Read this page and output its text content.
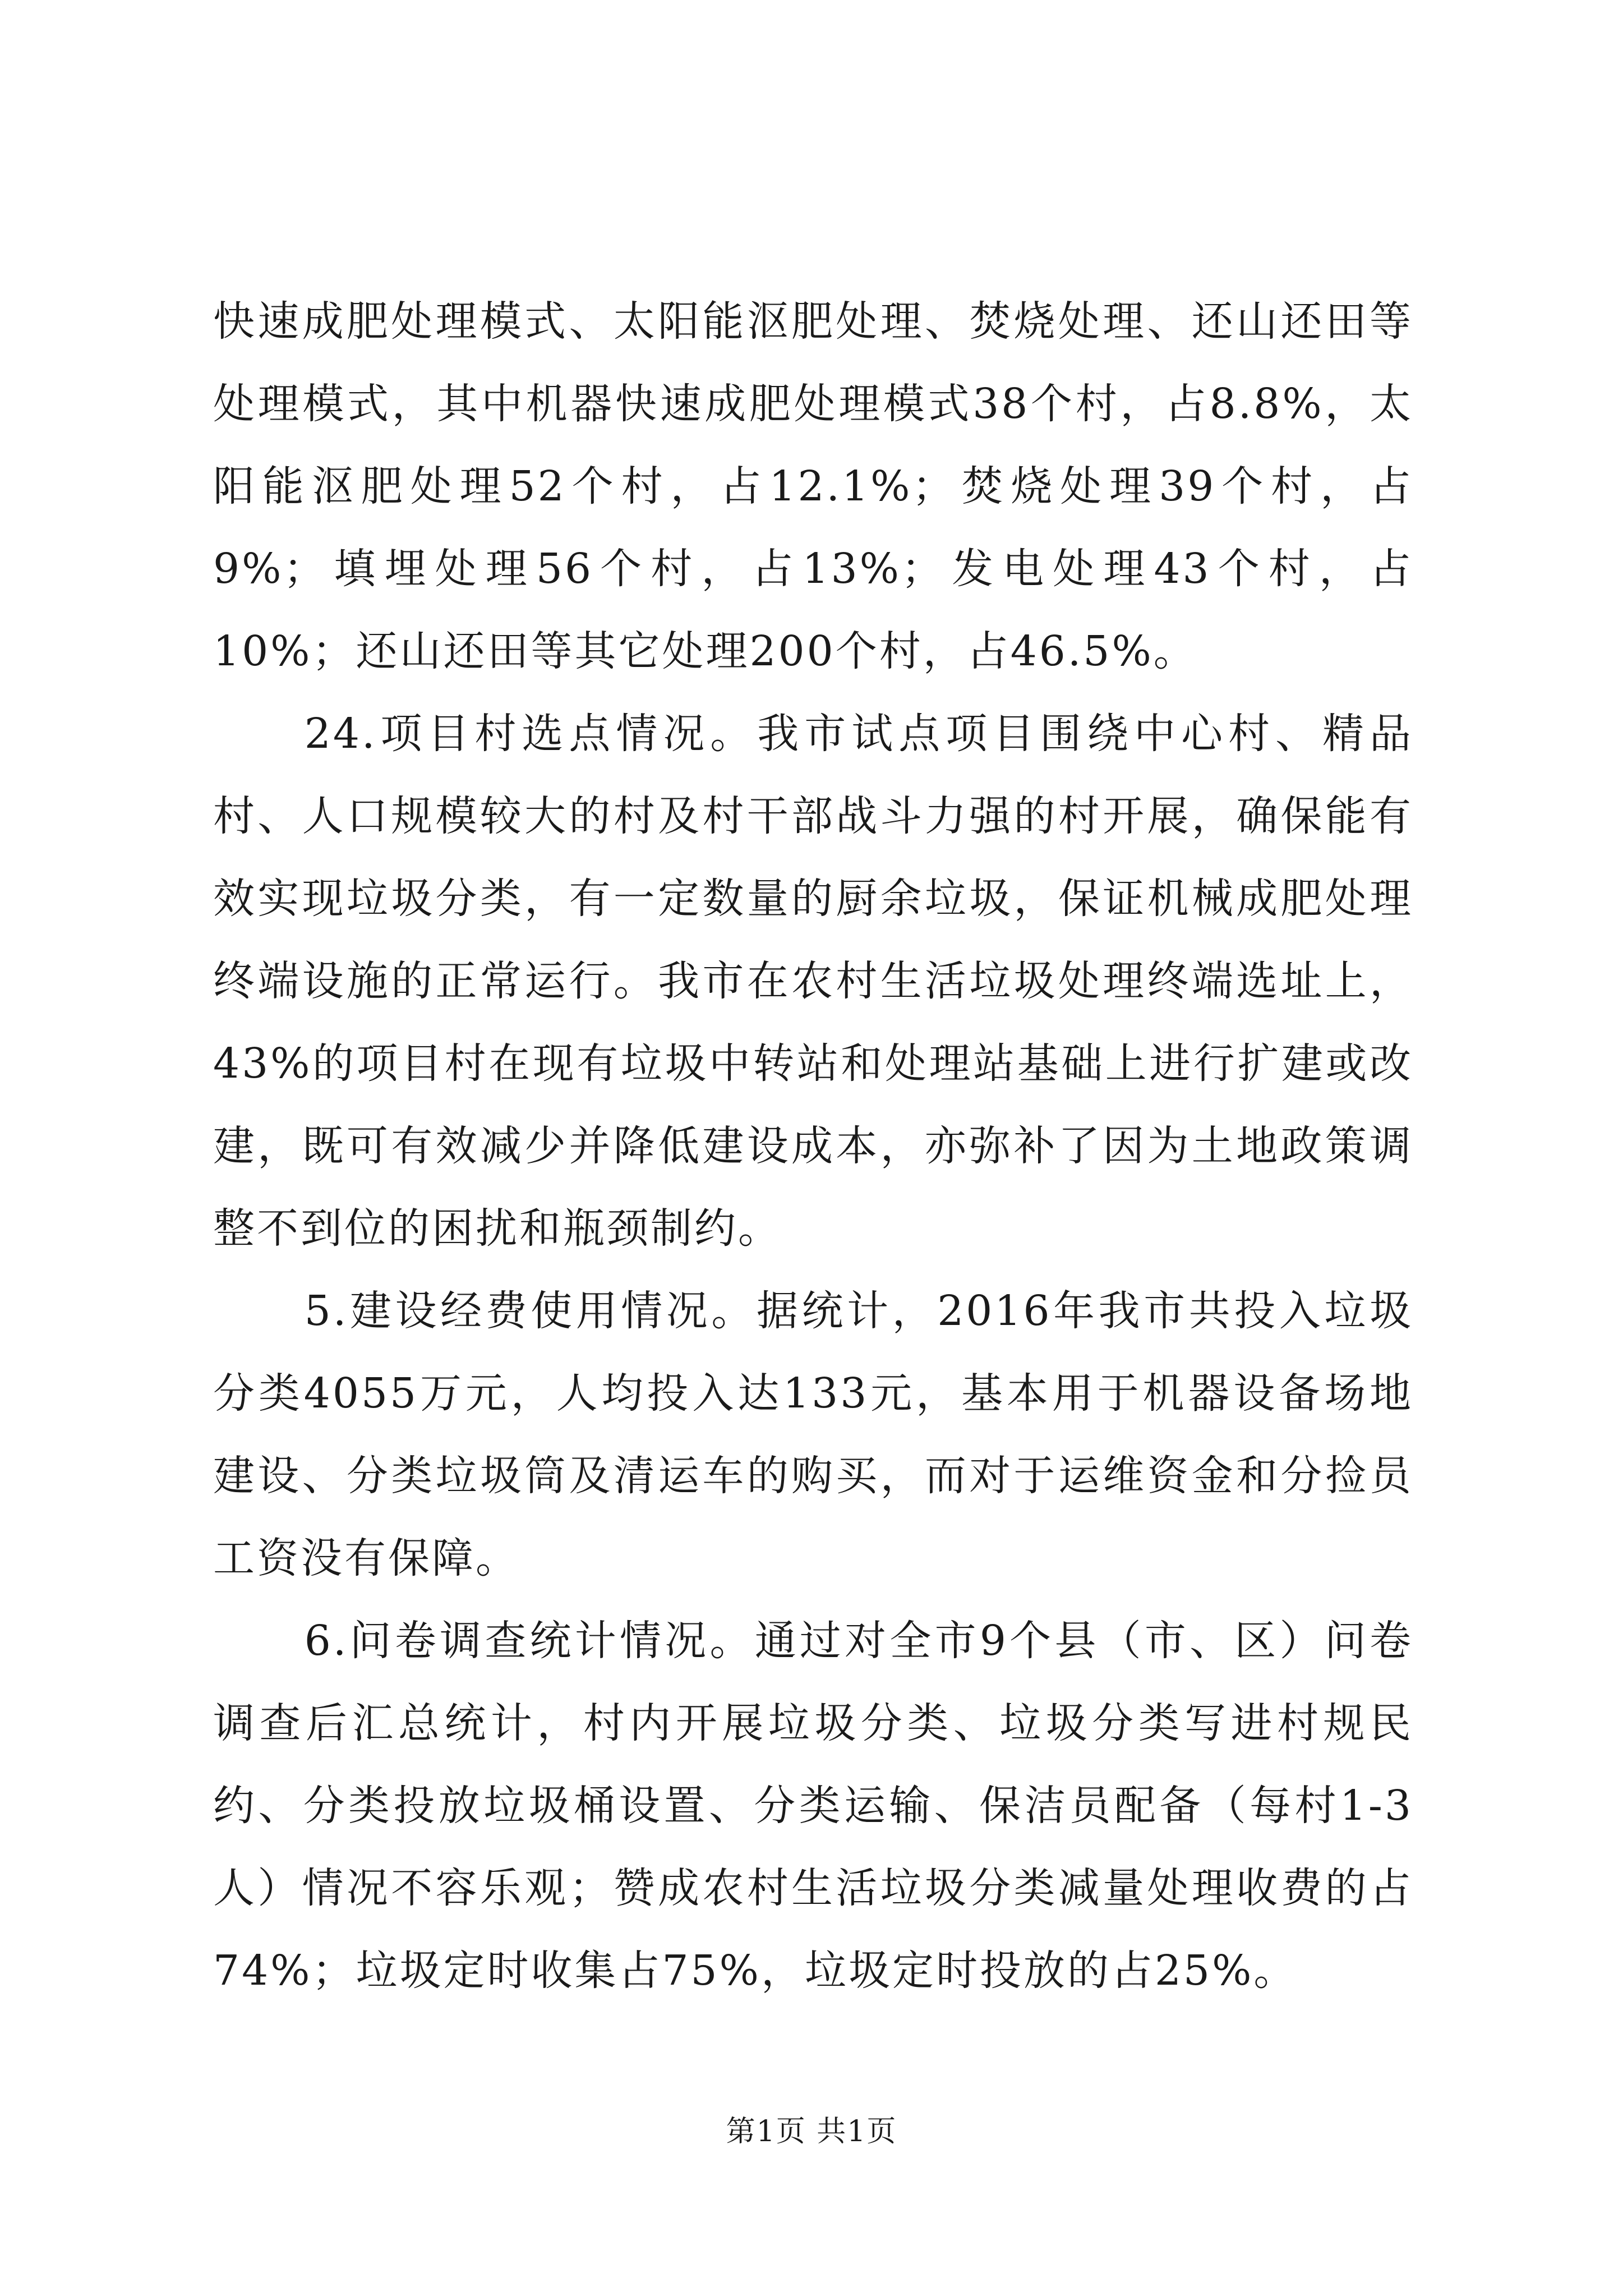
快速成肥处理模式、太阳能沤肥处理、焚烧处理、还山还田等处理模式，其中机器快速成肥处理模式38个村，占8.8%，太阳能沤肥处理52个村，占12.1%；焚烧处理39个村，占9%；填埋处理56个村，占13%；发电处理43个村，占10%；还山还田等其它处理200个村，占46.5%。

24.项目村选点情况。我市试点项目围绕中心村、精品村、人口规模较大的村及村干部战斗力强的村开展，确保能有效实现垃圾分类，有一定数量的厨余垃圾，保证机械成肥处理终端设施的正常运行。我市在农村生活垃圾处理终端选址上，43%的项目村在现有垃圾中转站和处理站基础上进行扩建或改建，既可有效减少并降低建设成本，亦弥补了因为土地政策调整不到位的困扰和瓶颈制约。

5.建设经费使用情况。据统计，2016年我市共投入垃圾分类4055万元，人均投入达133元，基本用于机器设备场地建设、分类垃圾筒及清运车的购买，而对于运维资金和分捡员工资没有保障。

6.问卷调查统计情况。通过对全市9个县（市、区）问卷调查后汇总统计，村内开展垃圾分类、垃圾分类写进村规民约、分类投放垃圾桶设置、分类运输、保洁员配备（每村1-3人）情况不容乐观；赞成农村生活垃圾分类减量处理收费的占74%；垃圾定时收集占75%，垃圾定时投放的占25%。

第1页 共1页
